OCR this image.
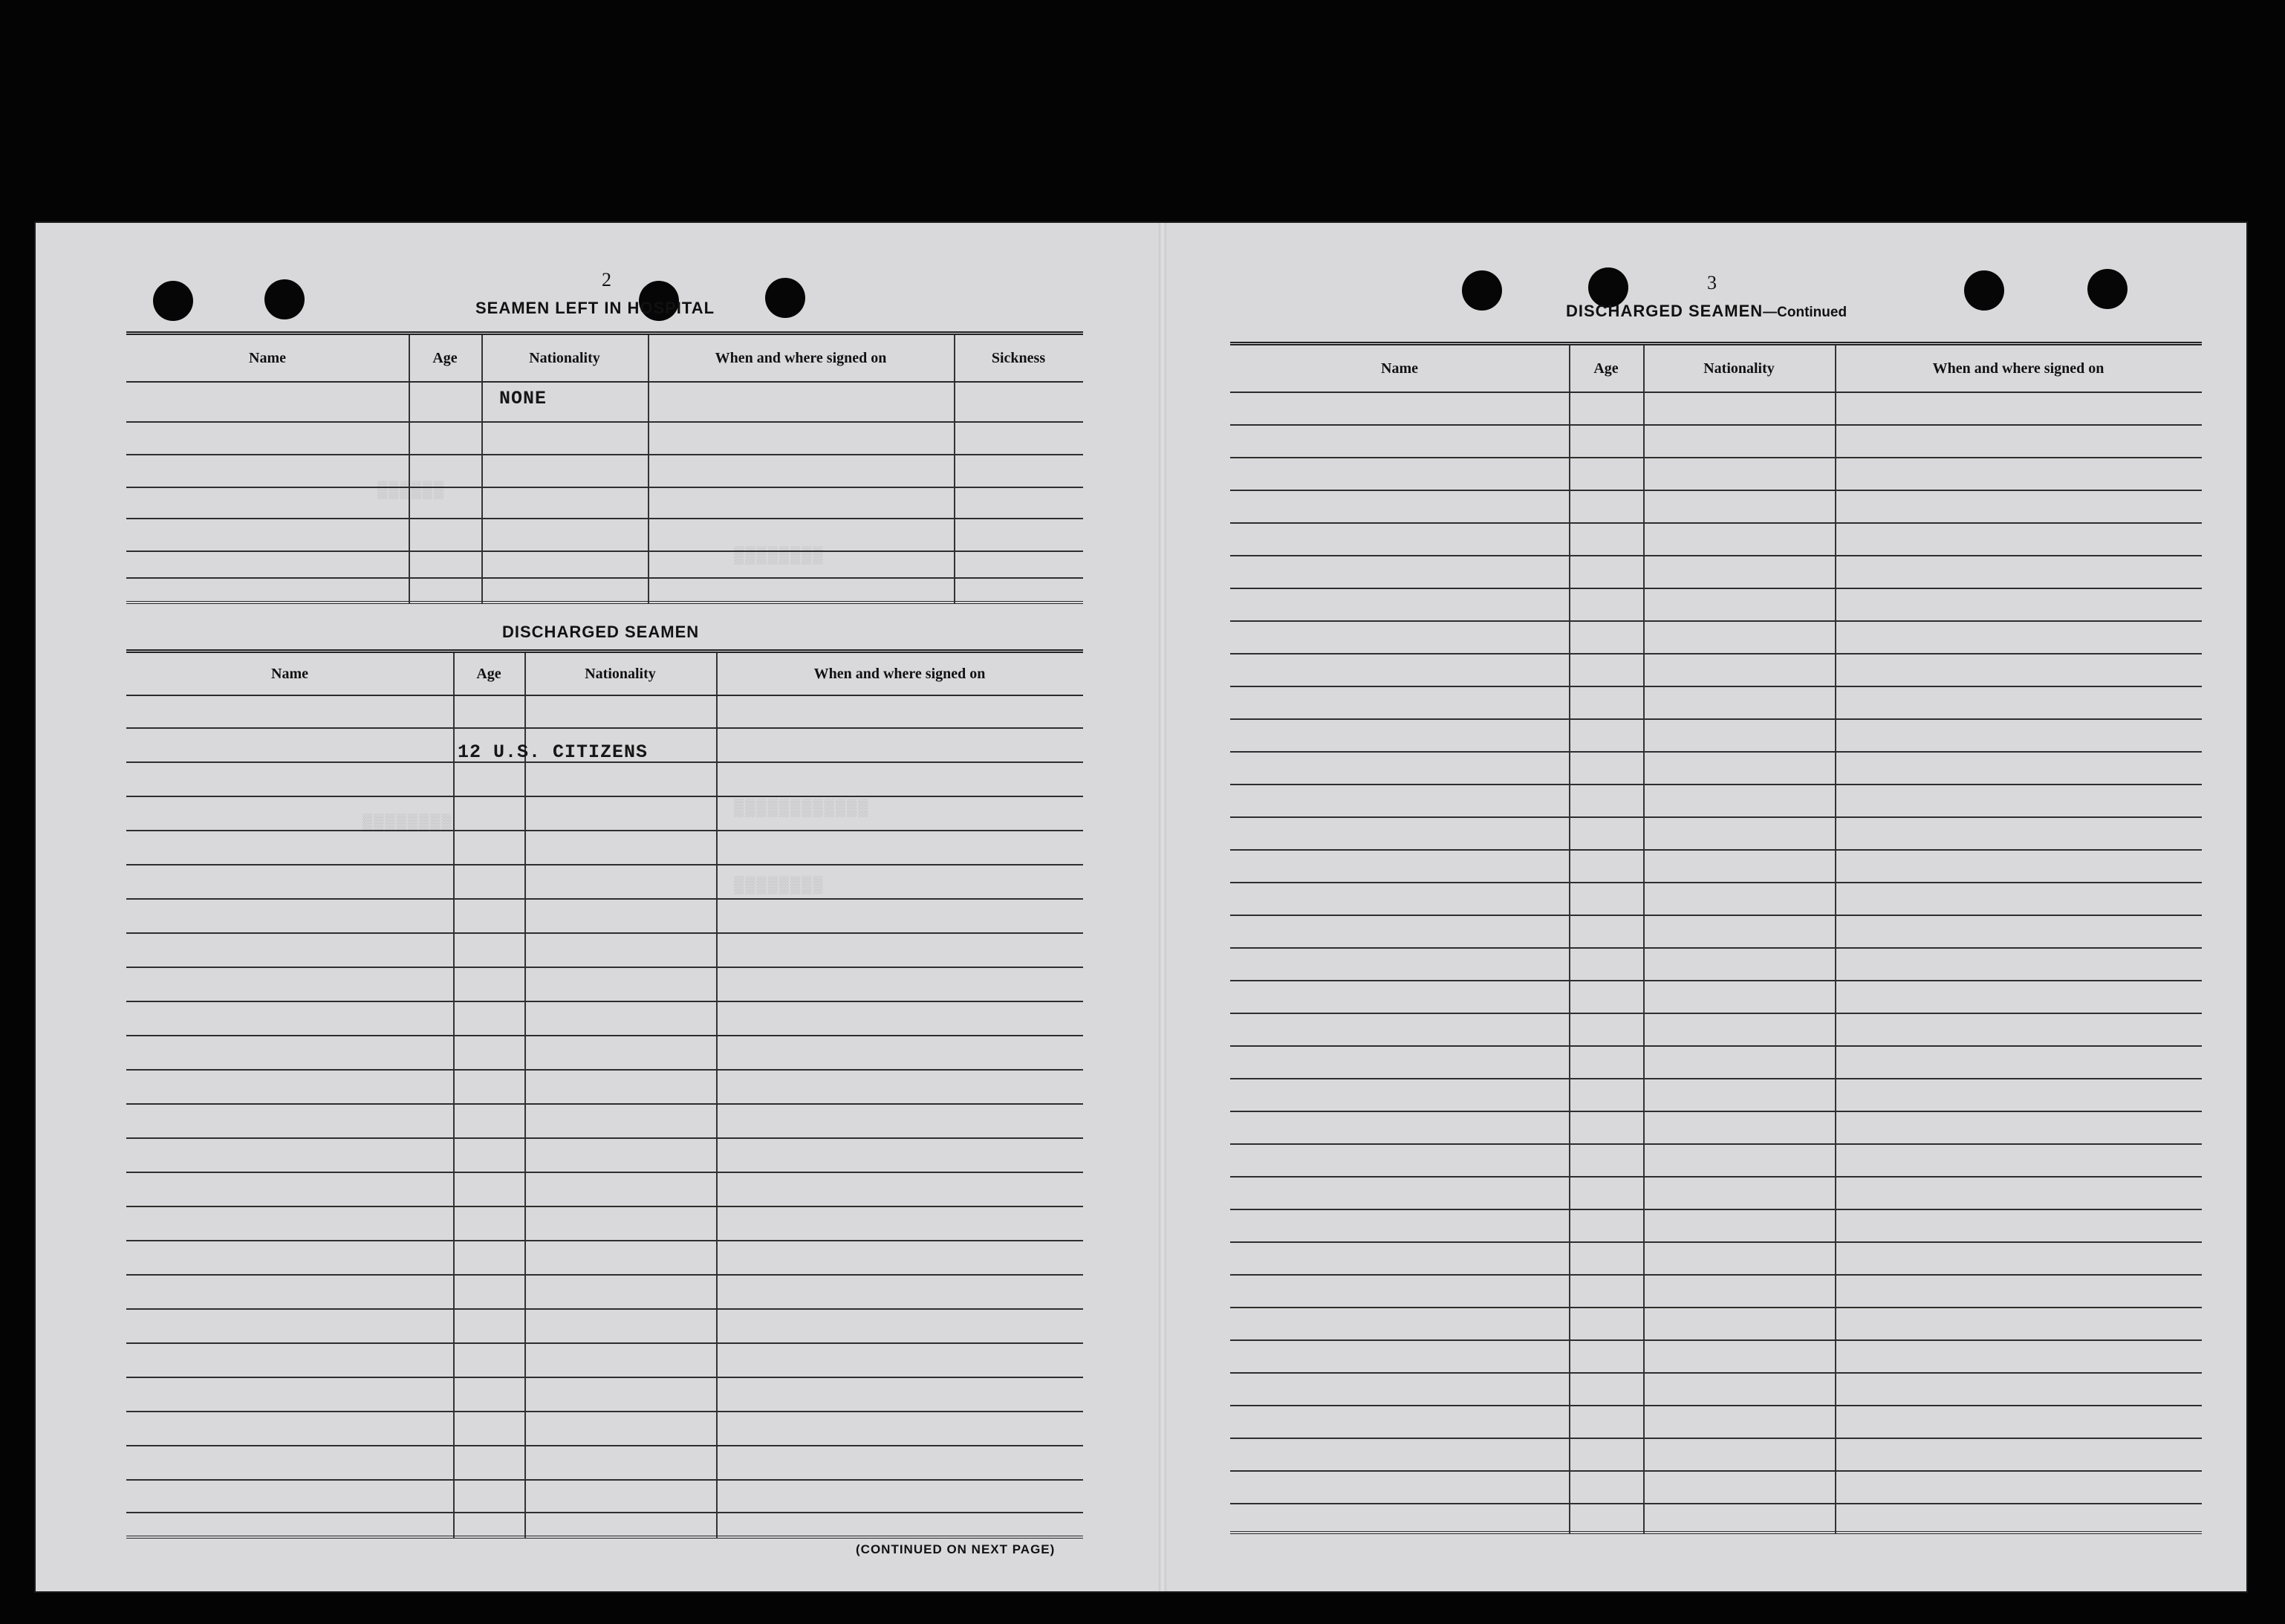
▒▒▒▒▒▒
▒▒▒▒▒▒▒▒
▒▒▒▒▒▒▒▒▒▒▒▒
▒▒▒▒▒▒▒▒
▒▒▒▒▒▒▒▒
2
SEAMEN LEFT IN HOSPITAL
Name	Age	Nationality	When and where signed on	Sickness
NONE
DISCHARGED SEAMEN
Name	Age	Nationality	When and where signed on
12 U.S. CITIZENS
(CONTINUED ON NEXT PAGE)
3
DISCHARGED SEAMEN—Continued
Name	Age	Nationality	When and where signed on
